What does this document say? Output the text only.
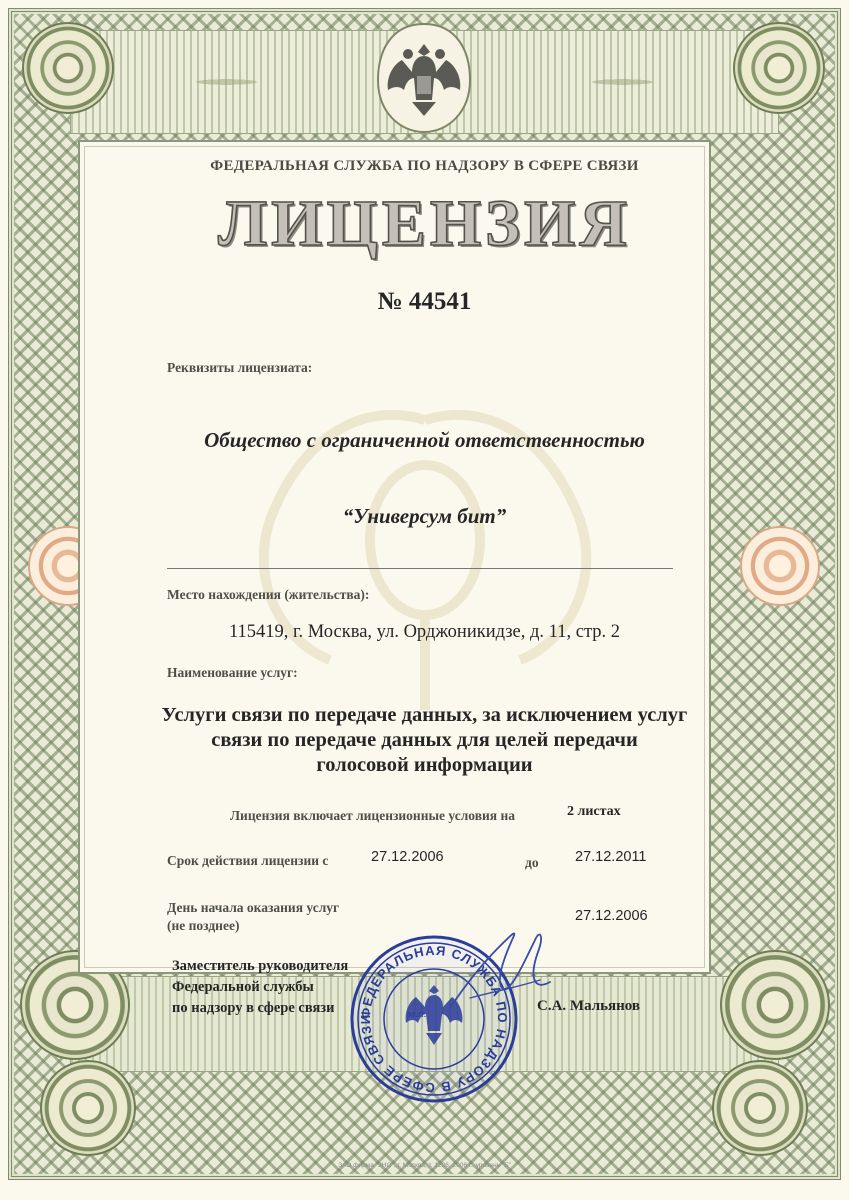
ФЕДЕРАЛЬНАЯ СЛУЖБА ПО НАДЗОРУ В СФЕРЕ СВЯЗИ
ЛИЦЕНЗИЯ
№ 44541
Реквизиты лицензиата:
Общество с ограниченной ответственностью
“Универсум бит”
Место нахождения (жительства):
115419, г. Москва, ул. Орджоникидзе, д. 11, стр. 2
Наименование услуг:
Услуги связи по передаче данных, за исключением услуг
связи по передаче данных для целей передачи
голосовой информации
Лицензия включает лицензионные условия на	2 листах
Срок действия лицензии с	27.12.2006	до	27.12.2011
День начала оказания услуг
(не позднее)
27.12.2006
Заместитель руководителя
Федеральной службы
по надзору в сфере связи	ФЕДЕРАЛЬНАЯ СЛУЖБА ПО НАДЗОРУ В СФЕРЕ СВЯЗИ	м.п.	С.А. Мальянов
ЗАО фирма "ЗНО", г. Москва, т. 1226, 2006 г., уровень "Б"
